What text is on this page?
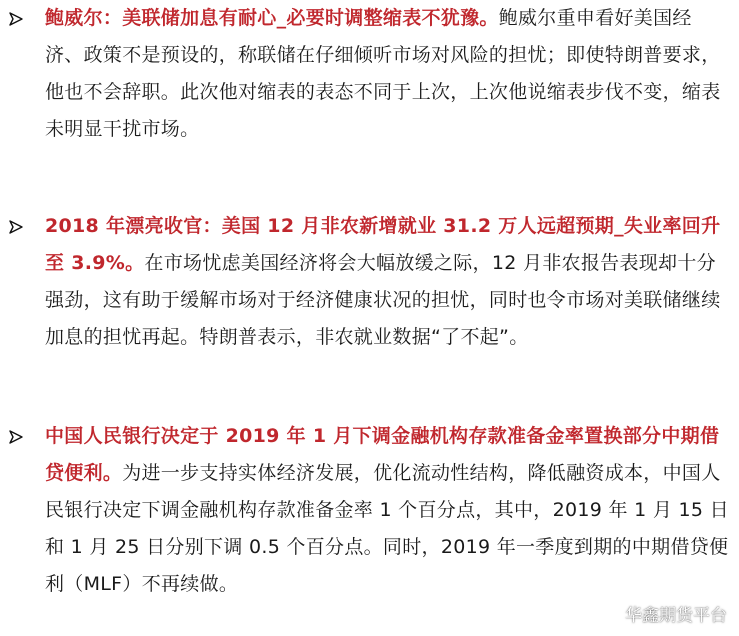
鲍威尔：美联储加息有耐心_必要时调整缩表不犹豫。鲍威尔重申看好美国经济、政策不是预设的，称联储在仔细倾听市场对风险的担忧；即使特朗普要求，他也不会辞职。此次他对缩表的表态不同于上次，上次他说缩表步伐不变，缩表未明显干扰市场。

2018 年漂亮收官：美国 12 月非农新增就业 31.2 万人远超预期_失业率回升至 3.9%。在市场忧虑美国经济将会大幅放缓之际，12 月非农报告表现却十分强劲，这有助于缓解市场对于经济健康状况的担忧，同时也令市场对美联储继续加息的担忧再起。特朗普表示，非农就业数据“了不起”。

中国人民银行决定于 2019 年 1 月下调金融机构存款准备金率置换部分中期借贷便利。为进一步支持实体经济发展，优化流动性结构，降低融资成本，中国人民银行决定下调金融机构存款准备金率 1 个百分点，其中，2019 年 1 月 15 日和 1 月 25 日分别下调 0.5 个百分点。同时，2019 年一季度到期的中期借贷便利（MLF）不再续做。

华鑫期货平台
